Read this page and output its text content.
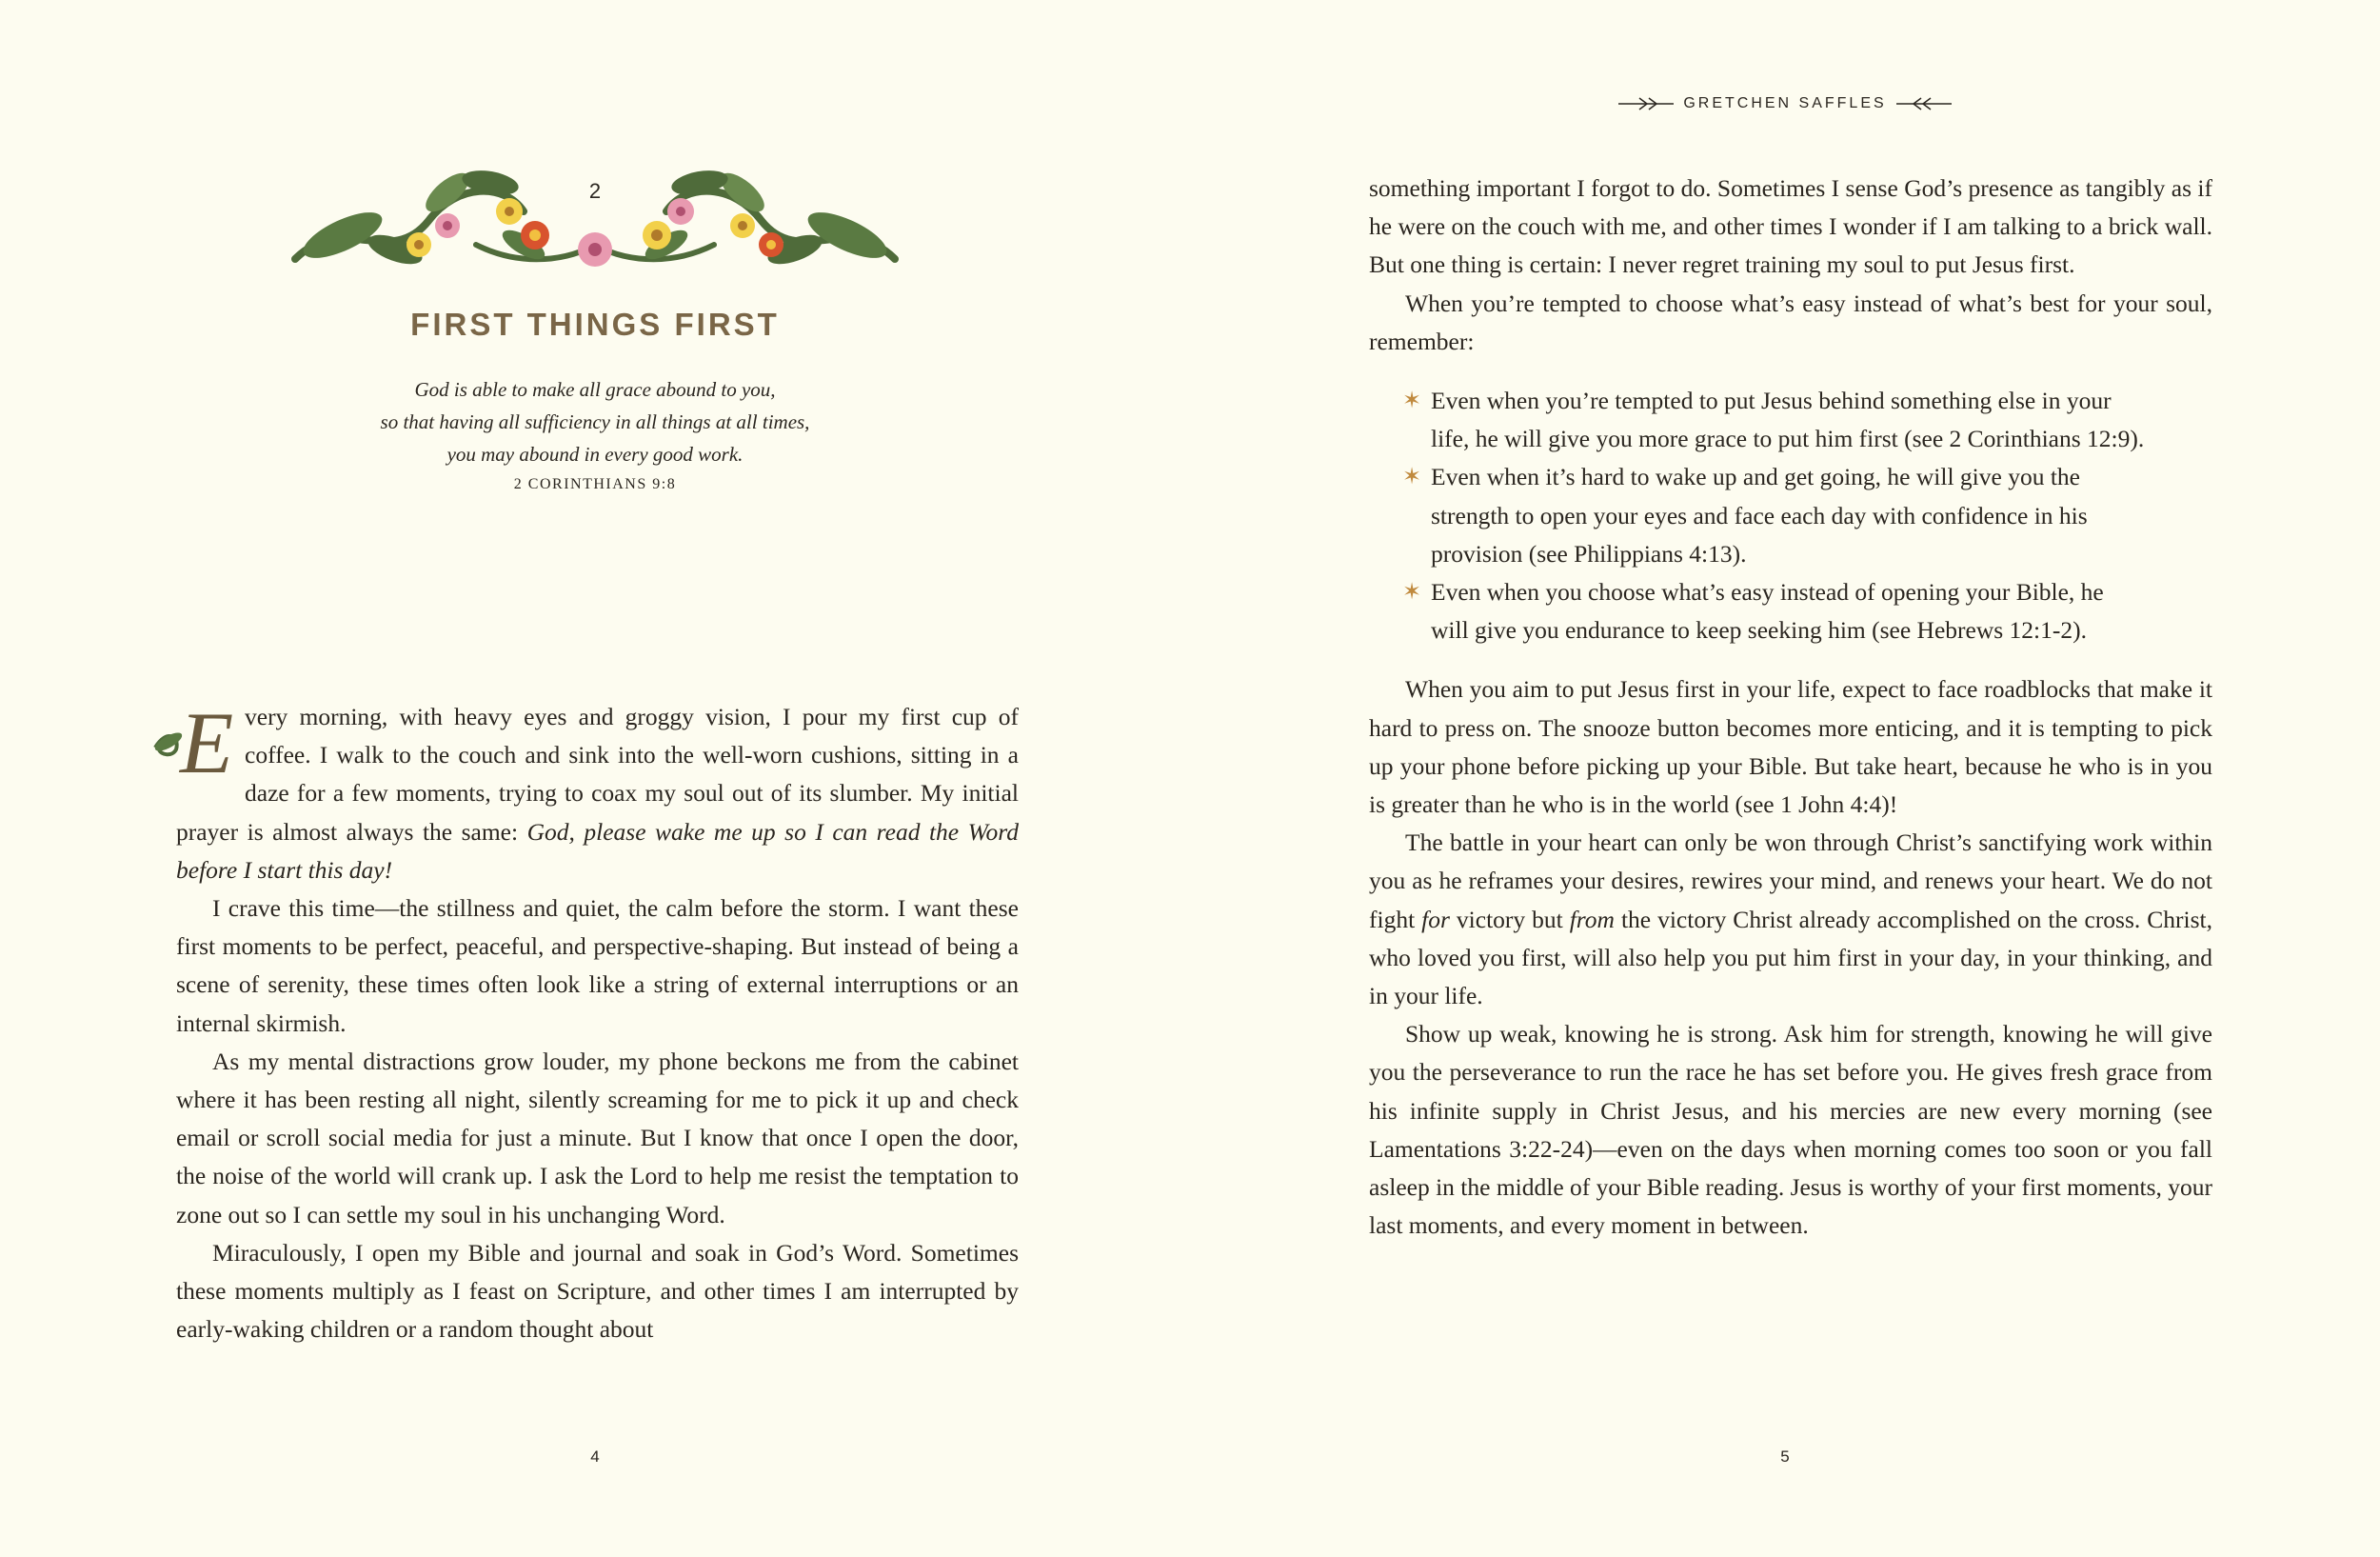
2
FIRST THINGS FIRST
God is able to make all grace abound to you,
so that having all sufficiency in all things at all times,
you may abound in every good work.
2 CORINTHIANS 9:8

E very morning, with heavy eyes and groggy vision, I pour my first cup of coffee. I walk to the couch and sink into the well-worn cushions, sitting in a daze for a few moments, trying to coax my soul out of its slumber. My initial prayer is almost always the same: God, please wake me up so I can read the Word before I start this day!

I crave this time—the stillness and quiet, the calm before the storm. I want these first moments to be perfect, peaceful, and perspective-shaping. But instead of being a scene of serenity, these times often look like a string of external interruptions or an internal skirmish.

As my mental distractions grow louder, my phone beckons me from the cabinet where it has been resting all night, silently screaming for me to pick it up and check email or scroll social media for just a minute. But I know that once I open the door, the noise of the world will crank up. I ask the Lord to help me resist the temptation to zone out so I can settle my soul in his unchanging Word.

Miraculously, I open my Bible and journal and soak in God’s Word. Sometimes these moments multiply as I feast on Scripture, and other times I am interrupted by early-waking children or a random thought about

4
GRETCHEN SAFFLES

something important I forgot to do. Sometimes I sense God’s presence as tangibly as if he were on the couch with me, and other times I wonder if I am talking to a brick wall. But one thing is certain: I never regret training my soul to put Jesus first.

When you’re tempted to choose what’s easy instead of what’s best for your soul, remember:

✶ Even when you’re tempted to put Jesus behind something else in your life, he will give you more grace to put him first (see 2 Corinthians 12:9).
✶ Even when it’s hard to wake up and get going, he will give you the strength to open your eyes and face each day with confidence in his provision (see Philippians 4:13).
✶ Even when you choose what’s easy instead of opening your Bible, he will give you endurance to keep seeking him (see Hebrews 12:1-2).

When you aim to put Jesus first in your life, expect to face roadblocks that make it hard to press on. The snooze button becomes more enticing, and it is tempting to pick up your phone before picking up your Bible. But take heart, because he who is in you is greater than he who is in the world (see 1 John 4:4)!

The battle in your heart can only be won through Christ’s sanctifying work within you as he reframes your desires, rewires your mind, and renews your heart. We do not fight for victory but from the victory Christ already accomplished on the cross. Christ, who loved you first, will also help you put him first in your day, in your thinking, and in your life.

Show up weak, knowing he is strong. Ask him for strength, knowing he will give you the perseverance to run the race he has set before you. He gives fresh grace from his infinite supply in Christ Jesus, and his mercies are new every morning (see Lamentations 3:22-24)—even on the days when morning comes too soon or you fall asleep in the middle of your Bible reading. Jesus is worthy of your first moments, your last moments, and every moment in between.

5
